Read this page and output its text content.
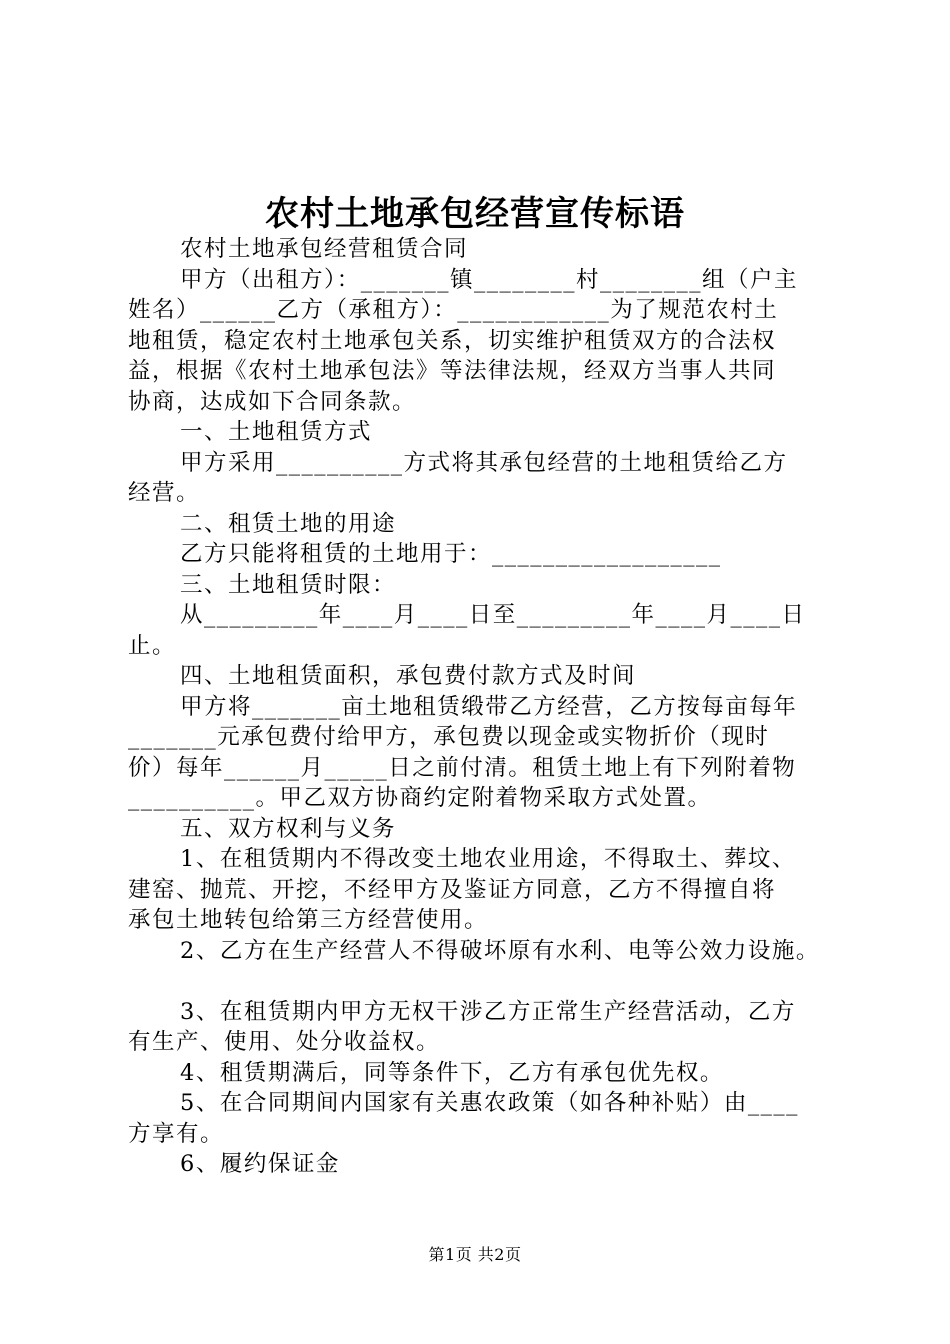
农村土地承包经营宣传标语
农村土地承包经营租赁合同
甲方（出租方）：_______镇________村________组（户主
姓名）______乙方（承租方）：____________为了规范农村土
地租赁，稳定农村土地承包关系，切实维护租赁双方的合法权
益，根据《农村土地承包法》等法律法规，经双方当事人共同
协商，达成如下合同条款。
一、土地租赁方式
甲方采用__________方式将其承包经营的土地租赁给乙方
经营。
二、租赁土地的用途
乙方只能将租赁的土地用于：__________________
三、土地租赁时限：
从_________年____月____日至_________年____月____日
止。
四、土地租赁面积，承包费付款方式及时间
甲方将_______亩土地租赁缎带乙方经营，乙方按每亩每年
_______元承包费付给甲方，承包费以现金或实物折价（现时
价）每年______月_____日之前付清。租赁土地上有下列附着物
__________。甲乙双方协商约定附着物采取方式处置。
五、双方权利与义务
1、在租赁期内不得改变土地农业用途，不得取土、葬坟、
建窑、抛荒、开挖，不经甲方及鉴证方同意，乙方不得擅自将
承包土地转包给第三方经营使用。
2、乙方在生产经营人不得破坏原有水利、电等公效力设施。
3、在租赁期内甲方无权干涉乙方正常生产经营活动，乙方
有生产、使用、处分收益权。
4、租赁期满后，同等条件下，乙方有承包优先权。
5、在合同期间内国家有关惠农政策（如各种补贴）由____
方享有。
6、履约保证金
第1页 共2页
